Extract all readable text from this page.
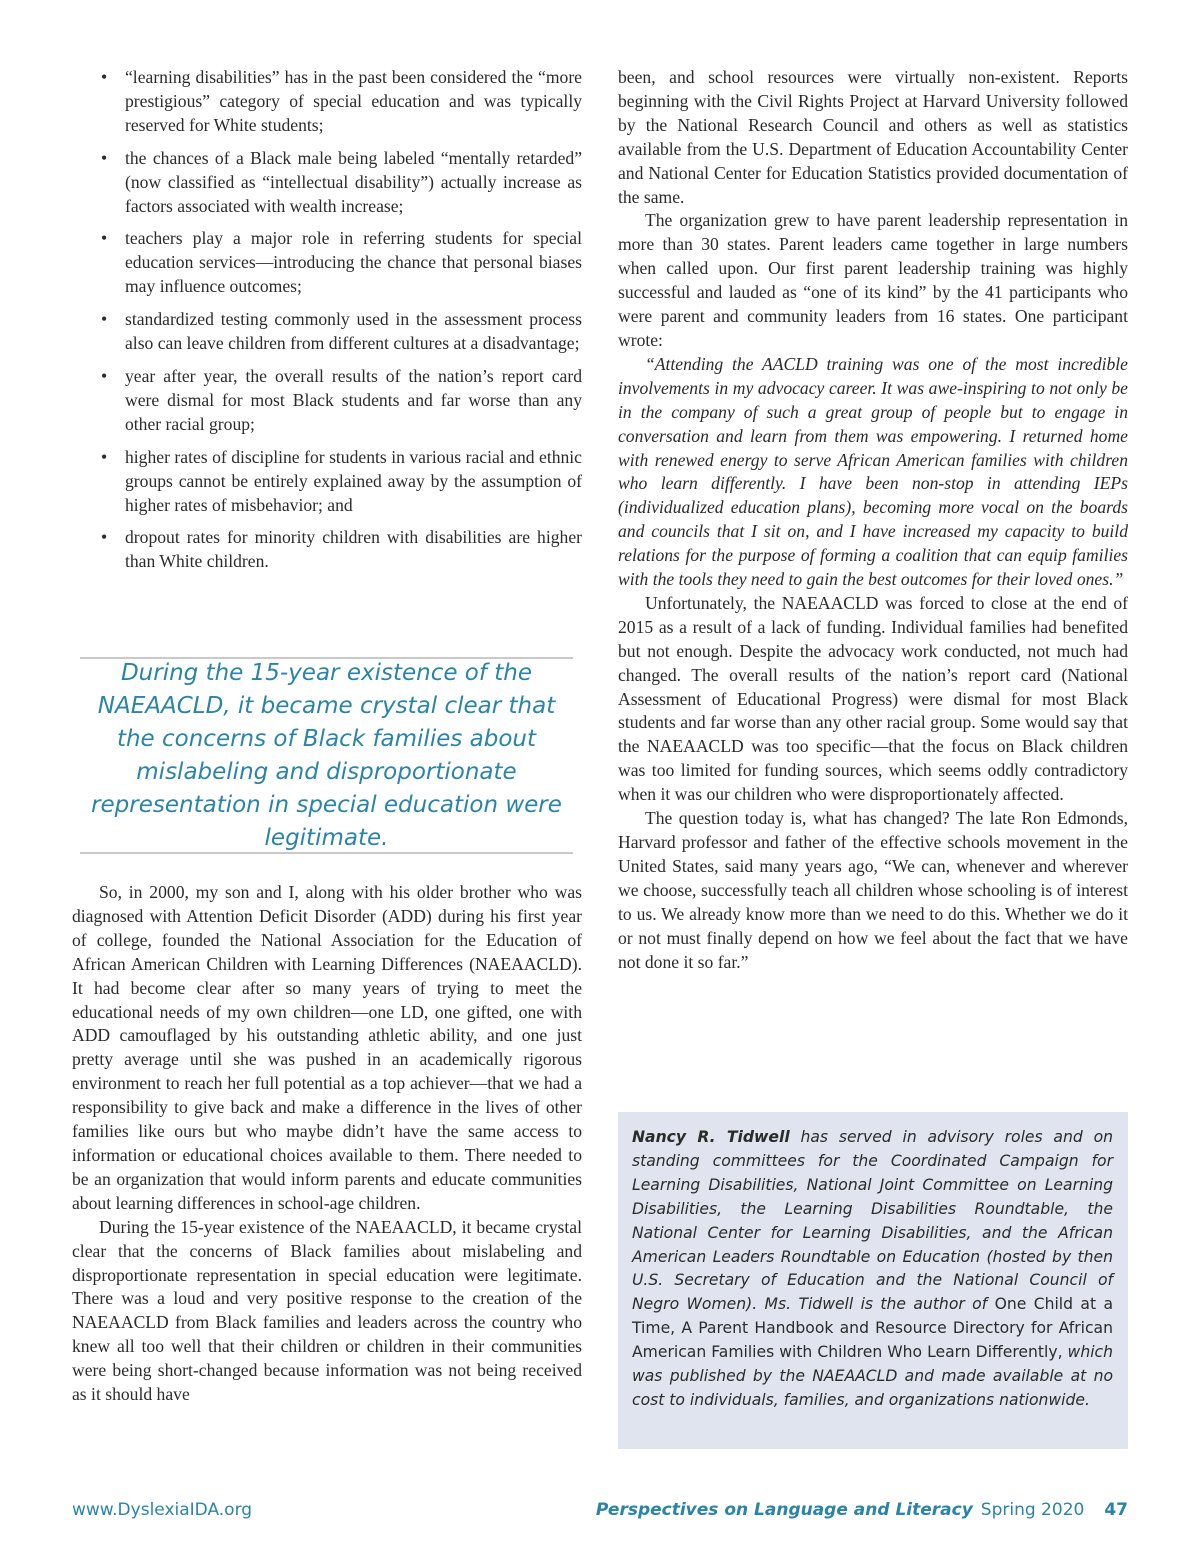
• “learning disabilities” has in the past been considered the “more prestigious” category of special education and was typically reserved for White students;
• the chances of a Black male being labeled “mentally retarded” (now classified as “intellectual disability”) actually increase as factors associated with wealth increase;
• teachers play a major role in referring students for special education services—introducing the chance that personal biases may influence outcomes;
• standardized testing commonly used in the assessment process also can leave children from different cultures at a disadvantage;
• year after year, the overall results of the nation’s report card were dismal for most Black students and far worse than any other racial group;
• higher rates of discipline for students in various racial and ethnic groups cannot be entirely explained away by the assumption of higher rates of misbehavior; and
• dropout rates for minority children with disabilities are higher than White children.
During the 15-year existence of the NAEAACLD, it became crystal clear that the concerns of Black families about mislabeling and disproportionate representation in special education were legitimate.

So, in 2000, my son and I, along with his older brother who was diagnosed with Attention Deficit Disorder (ADD) during his first year of college, founded the National Association for the Education of African American Children with Learning Differences (NAEAACLD). It had become clear after so many years of trying to meet the educational needs of my own children—one LD, one gifted, one with ADD camouflaged by his outstanding athletic ability, and one just pretty average until she was pushed in an academically rigorous environment to reach her full potential as a top achiever—that we had a responsibility to give back and make a difference in the lives of other families like ours but who maybe didn’t have the same access to information or educational choices available to them. There needed to be an organization that would inform parents and educate communities about learning differences in school-age children.

During the 15-year existence of the NAEAACLD, it became crystal clear that the concerns of Black families about mislabeling and disproportionate representation in special education were legitimate. There was a loud and very positive response to the creation of the NAEAACLD from Black families and leaders across the country who knew all too well that their children or children in their communities were being short-changed because information was not being received as it should have

been, and school resources were virtually non-existent. Reports beginning with the Civil Rights Project at Harvard University followed by the National Research Council and others as well as statistics available from the U.S. Department of Education Accountability Center and National Center for Education Statistics provided documentation of the same.

The organization grew to have parent leadership representation in more than 30 states. Parent leaders came together in large numbers when called upon. Our first parent leadership training was highly successful and lauded as “one of its kind” by the 41 participants who were parent and community leaders from 16 states. One participant wrote:

“Attending the AACLD training was one of the most incredible involvements in my advocacy career. It was awe-inspiring to not only be in the company of such a great group of people but to engage in conversation and learn from them was empowering. I returned home with renewed energy to serve African American families with children who learn differently. I have been non-stop in attending IEPs (individualized education plans), becoming more vocal on the boards and councils that I sit on, and I have increased my capacity to build relations for the purpose of forming a coalition that can equip families with the tools they need to gain the best outcomes for their loved ones.”

Unfortunately, the NAEAACLD was forced to close at the end of 2015 as a result of a lack of funding. Individual families had benefited but not enough. Despite the advocacy work conducted, not much had changed. The overall results of the nation’s report card (National Assessment of Educational Progress) were dismal for most Black students and far worse than any other racial group. Some would say that the NAEAACLD was too specific—that the focus on Black children was too limited for funding sources, which seems oddly contradictory when it was our children who were disproportionately affected.

The question today is, what has changed? The late Ron Edmonds, Harvard professor and father of the effective schools movement in the United States, said many years ago, “We can, whenever and wherever we choose, successfully teach all children whose schooling is of interest to us. We already know more than we need to do this. Whether we do it or not must finally depend on how we feel about the fact that we have not done it so far.”

Nancy R. Tidwell has served in advisory roles and on standing committees for the Coordinated Campaign for Learning Disabilities, National Joint Committee on Learning Disabilities, the Learning Disabilities Roundtable, the National Center for Learning Disabilities, and the African American Leaders Roundtable on Education (hosted by then U.S. Secretary of Education and the National Council of Negro Women). Ms. Tidwell is the author of One Child at a Time, A Parent Handbook and Resource Directory for African American Families with Children Who Learn Differently, which was published by the NAEAACLD and made available at no cost to individuals, families, and organizations nationwide.
www.DyslexiaIDA.org	Perspectives on Language and Literacy Spring 2020 47
